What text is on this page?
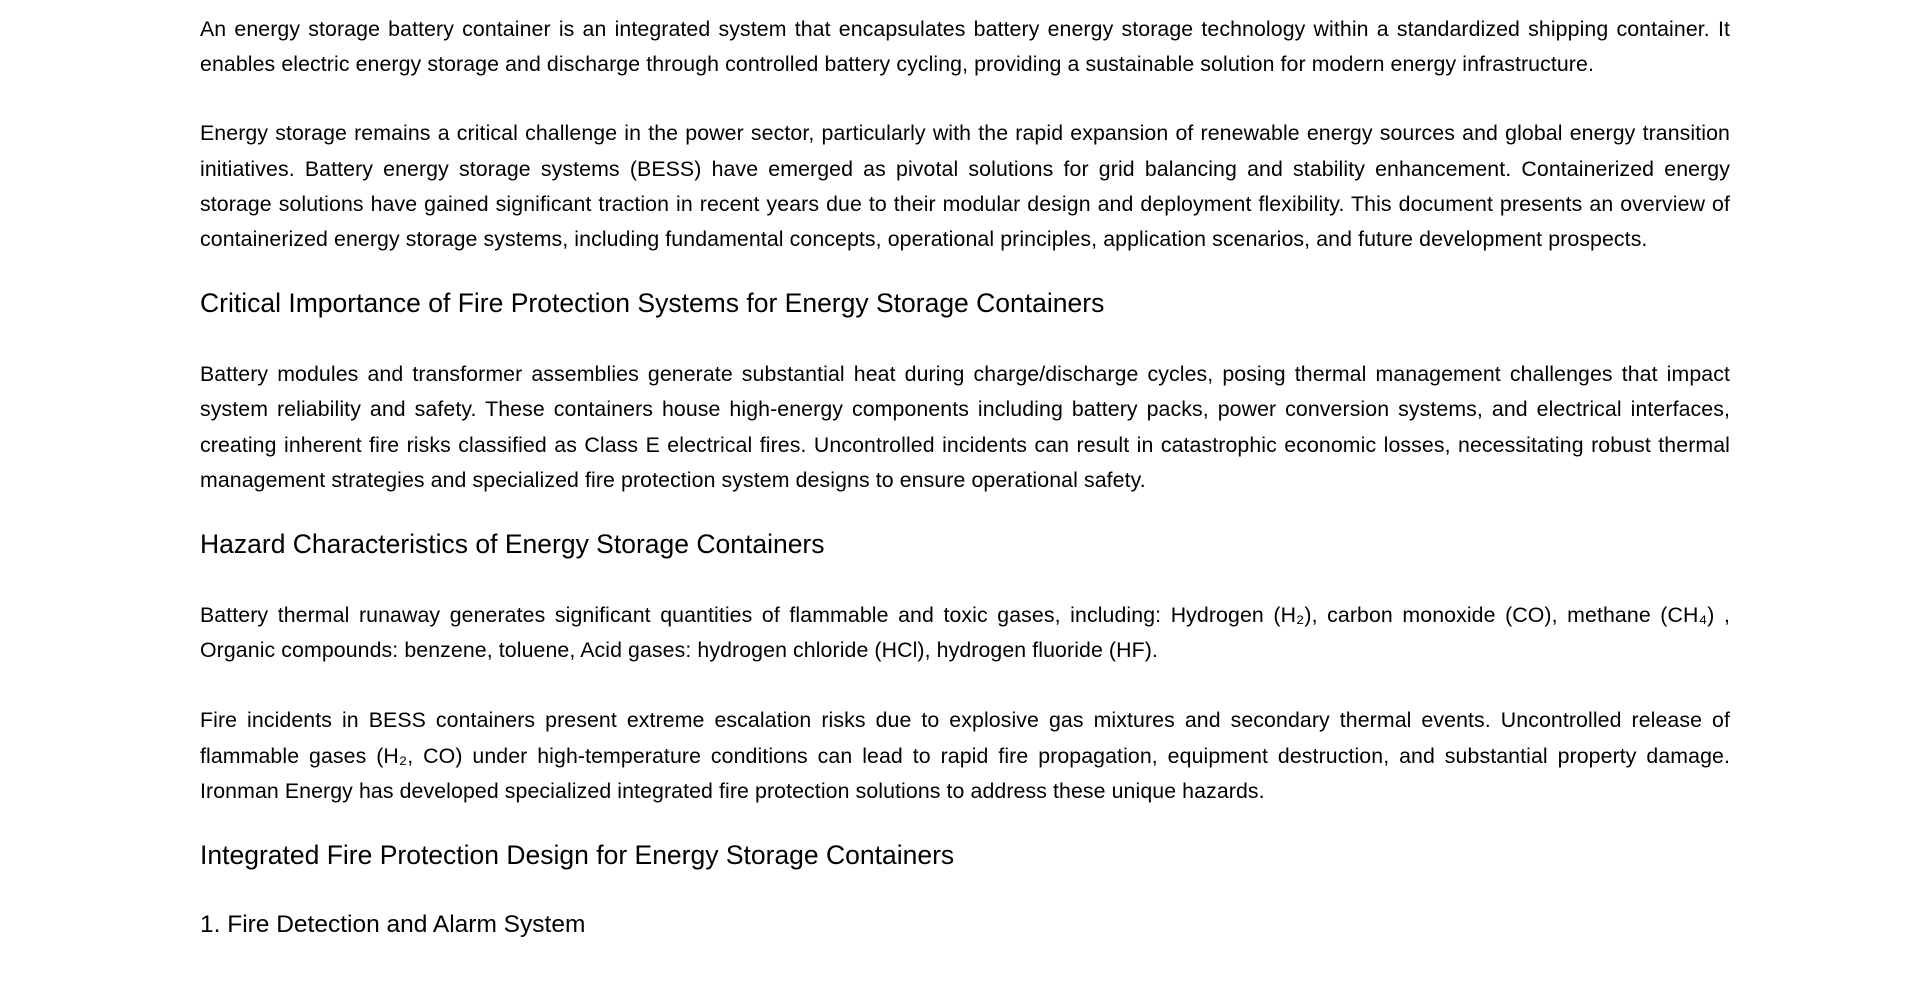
An energy storage battery container is an integrated system that encapsulates battery energy storage technology within a standardized shipping container. It enables electric energy storage and discharge through controlled battery cycling, providing a sustainable solution for modern energy infrastructure.

Energy storage remains a critical challenge in the power sector, particularly with the rapid expansion of renewable energy sources and global energy transition initiatives. Battery energy storage systems (BESS) have emerged as pivotal solutions for grid balancing and stability enhancement. Containerized energy storage solutions have gained significant traction in recent years due to their modular design and deployment flexibility. This document presents an overview of containerized energy storage systems, including fundamental concepts, operational principles, application scenarios, and future development prospects.

Critical Importance of Fire Protection Systems for Energy Storage Containers

Battery modules and transformer assemblies generate substantial heat during charge/discharge cycles, posing thermal management challenges that impact system reliability and safety. These containers house high-energy components including battery packs, power conversion systems, and electrical interfaces, creating inherent fire risks classified as Class E electrical fires. Uncontrolled incidents can result in catastrophic economic losses, necessitating robust thermal management strategies and specialized fire protection system designs to ensure operational safety.

Hazard Characteristics of Energy Storage Containers

Battery thermal runaway generates significant quantities of flammable and toxic gases, including: Hydrogen (H₂), carbon monoxide (CO), methane (CH₄) , Organic compounds: benzene, toluene, Acid gases: hydrogen chloride (HCl), hydrogen fluoride (HF).

Fire incidents in BESS containers present extreme escalation risks due to explosive gas mixtures and secondary thermal events. Uncontrolled release of flammable gases (H₂, CO) under high-temperature conditions can lead to rapid fire propagation, equipment destruction, and substantial property damage. Ironman Energy has developed specialized integrated fire protection solutions to address these unique hazards.

Integrated Fire Protection Design for Energy Storage Containers
1. Fire Detection and Alarm System
